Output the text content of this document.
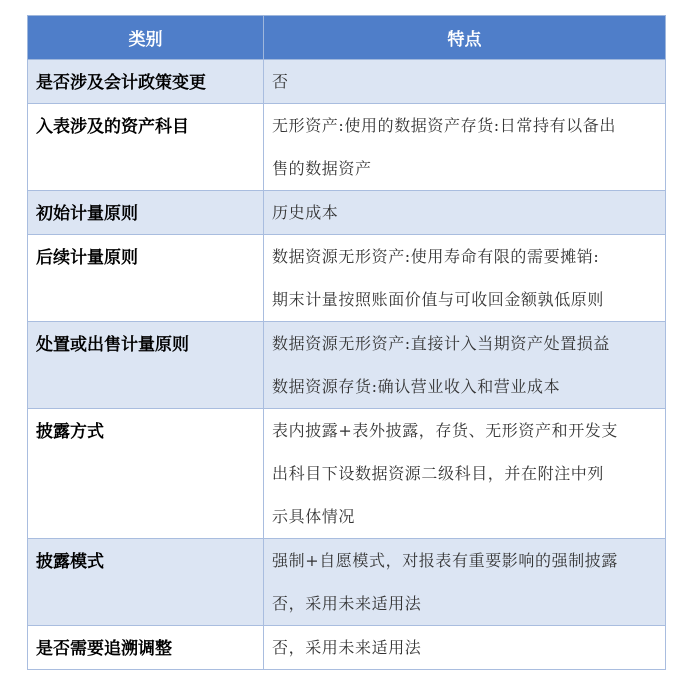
类别	特点
是否涉及会计政策变更	否

入表涉及的资产科目	无形资产:使用的数据资产存货:日常持有以备出
售的数据资产

初始计量原则	历史成本

后续计量原则	数据资源无形资产:使用寿命有限的需要摊销:
期末计量按照账面价值与可收回金额孰低原则

处置或出售计量原则	数据资源无形资产:直接计入当期资产处置损益
数据资源存货:确认营业收入和营业成本

披露方式	表内披露+表外披露，存货、无形资产和开发支
出科目下设数据资源二级科目，并在附注中列
示具体情况

披露模式	强制+自愿模式，对报表有重要影响的强制披露
否，采用未来适用法

是否需要追溯调整	否，采用未来适用法
